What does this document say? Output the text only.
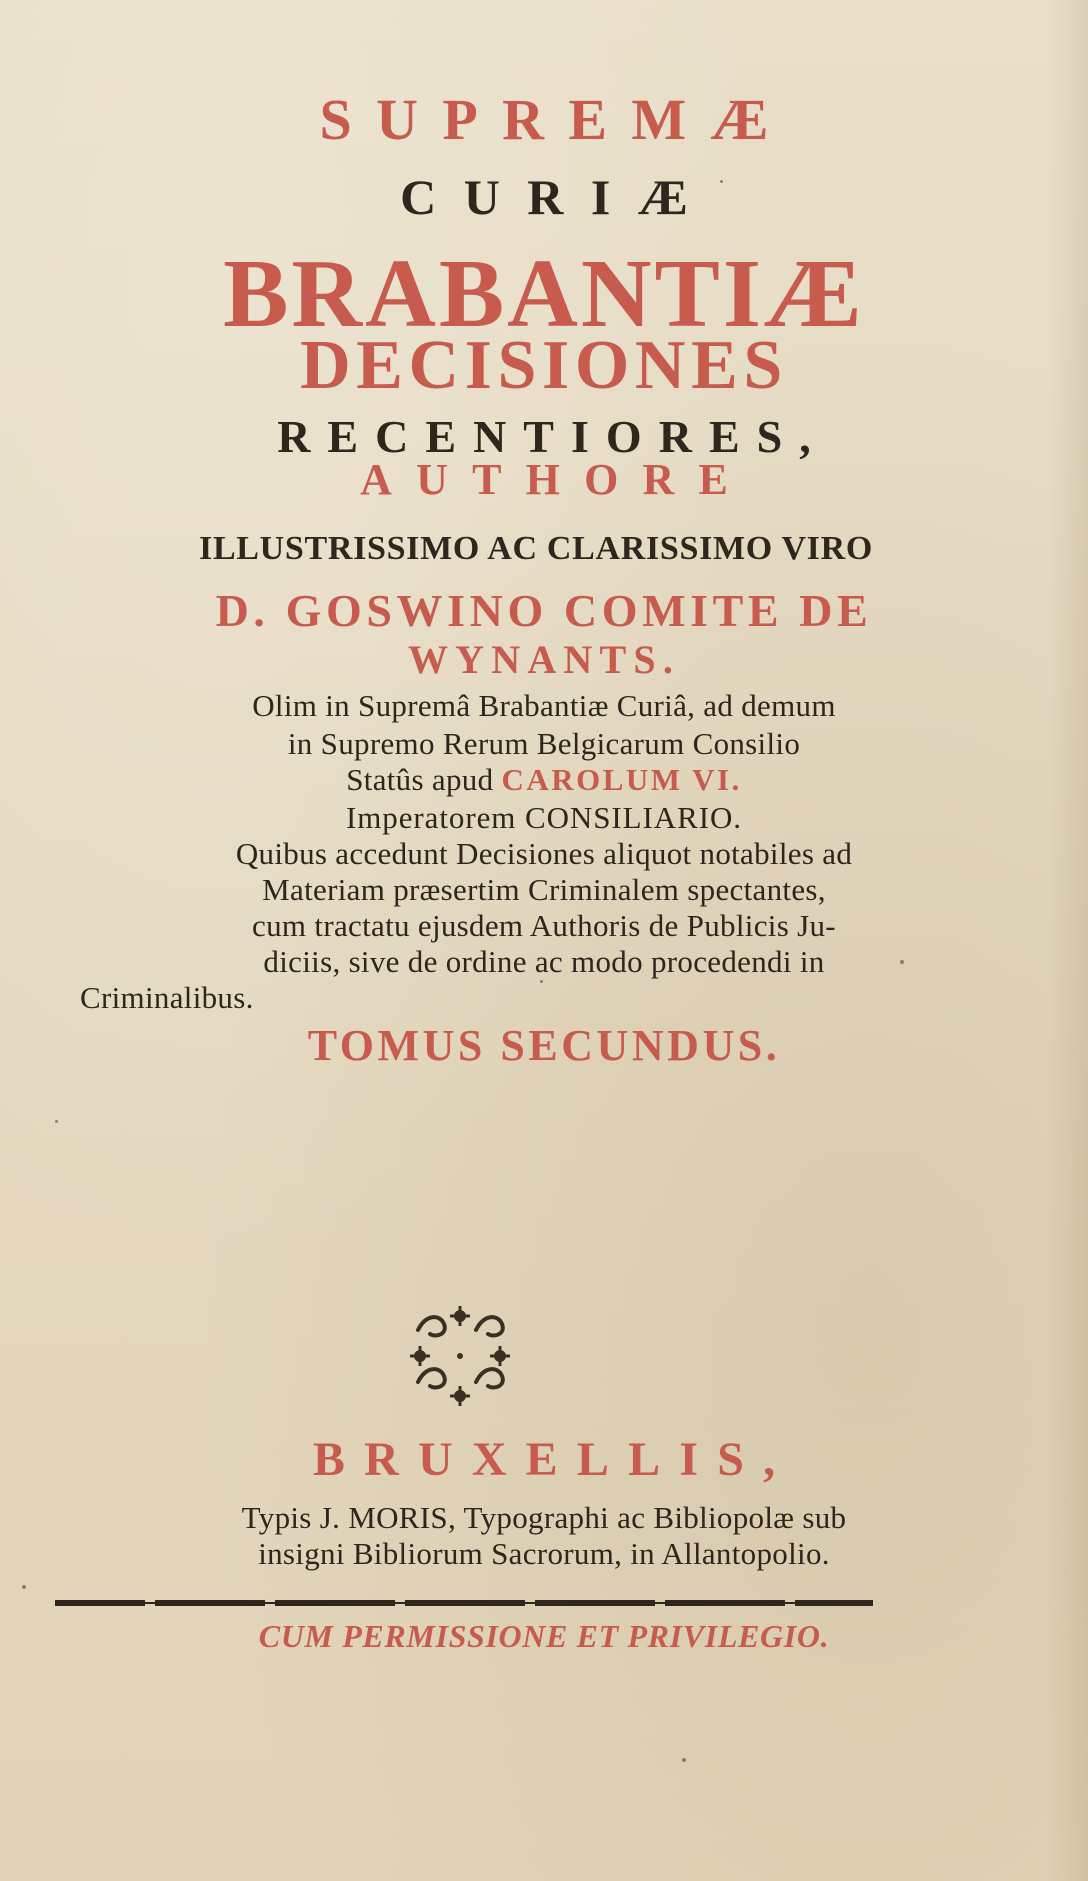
SUPREMÆ
CURIÆ
BRABANTIÆ
DECISIONES
RECENTIORES,
AUTHORE
ILLUSTRISSIMO AC CLARISSIMO VIRO
D. GOSWINO COMITE DE
WYNANTS.
Olim in Supremâ Brabantiæ Curiâ, ad demum
in Supremo Rerum Belgicarum Consilio
Statûs apud CAROLUM VI.
Imperatorem CONSILIARIO.
Quibus accedunt Decisiones aliquot notabiles ad
Materiam præsertim Criminalem spectantes,
cum tractatu ejusdem Authoris de Publicis Ju-
diciis, sive de ordine ac modo procedendi in
Criminalibus.
TOMUS SECUNDUS.
BRUXELLIS,
Typis J. MORIS, Typographi ac Bibliopolæ sub
insigni Bibliorum Sacrorum, in Allantopolio.
CUM PERMISSIONE ET PRIVILEGIO.
